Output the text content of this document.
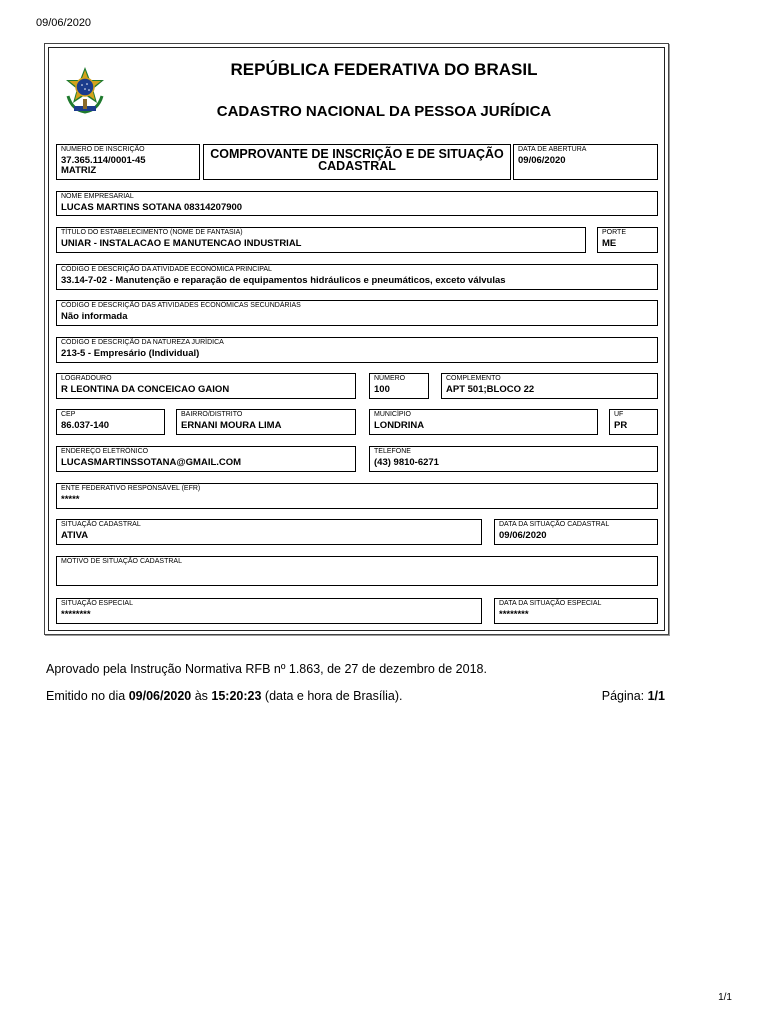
09/06/2020
REPÚBLICA FEDERATIVA DO BRASIL
CADASTRO NACIONAL DA PESSOA JURÍDICA
NÚMERO DE INSCRIÇÃO
37.365.114/0001-45
MATRIZ
COMPROVANTE DE INSCRIÇÃO E DE SITUAÇÃO
CADASTRAL
DATA DE ABERTURA
09/06/2020
NOME EMPRESARIAL
LUCAS MARTINS SOTANA 08314207900
TÍTULO DO ESTABELECIMENTO (NOME DE FANTASIA)
UNIAR - INSTALACAO E MANUTENCAO INDUSTRIAL
PORTE
ME
CÓDIGO E DESCRIÇÃO DA ATIVIDADE ECONÔMICA PRINCIPAL
33.14-7-02 - Manutenção e reparação de equipamentos hidráulicos e pneumáticos, exceto válvulas
CÓDIGO E DESCRIÇÃO DAS ATIVIDADES ECONÔMICAS SECUNDÁRIAS
Não informada
CÓDIGO E DESCRIÇÃO DA NATUREZA JURÍDICA
213-5 - Empresário (Individual)
LOGRADOURO
R LEONTINA DA CONCEICAO GAION
NÚMERO
100
COMPLEMENTO
APT 501;BLOCO 22
CEP
86.037-140
BAIRRO/DISTRITO
ERNANI MOURA LIMA
MUNICÍPIO
LONDRINA
UF
PR
ENDEREÇO ELETRÔNICO
LUCASMARTINSSOTANA@GMAIL.COM
TELEFONE
(43) 9810-6271
ENTE FEDERATIVO RESPONSÁVEL (EFR)
*****
SITUAÇÃO CADASTRAL
ATIVA
DATA DA SITUAÇÃO CADASTRAL
09/06/2020
MOTIVO DE SITUAÇÃO CADASTRAL
SITUAÇÃO ESPECIAL
********
DATA DA SITUAÇÃO ESPECIAL
********
Aprovado pela Instrução Normativa RFB nº 1.863, de 27 de dezembro de 2018.
Emitido no dia 09/06/2020 às 15:20:23 (data e hora de Brasília).	Página: 1/1
1/1
